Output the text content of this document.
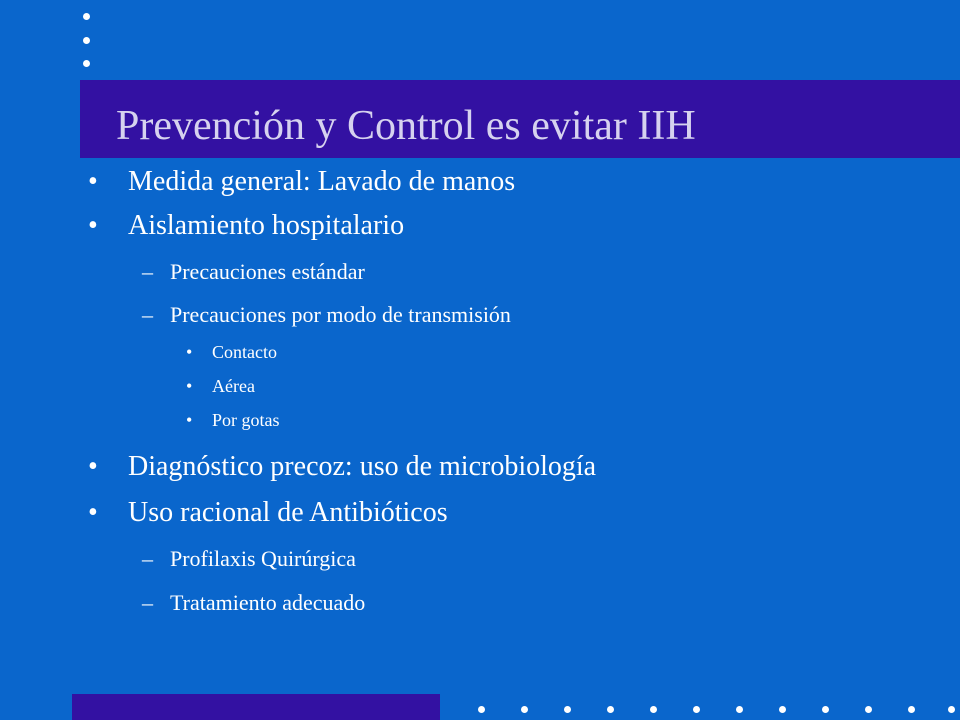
Prevención y Control es evitar IIH
• Medida general: Lavado de manos
• Aislamiento hospitalario
– Precauciones estándar
– Precauciones por modo de transmisión
• Contacto
• Aérea
• Por gotas
• Diagnóstico precoz: uso de microbiología
• Uso racional de Antibióticos
– Profilaxis Quirúrgica
– Tratamiento adecuado
